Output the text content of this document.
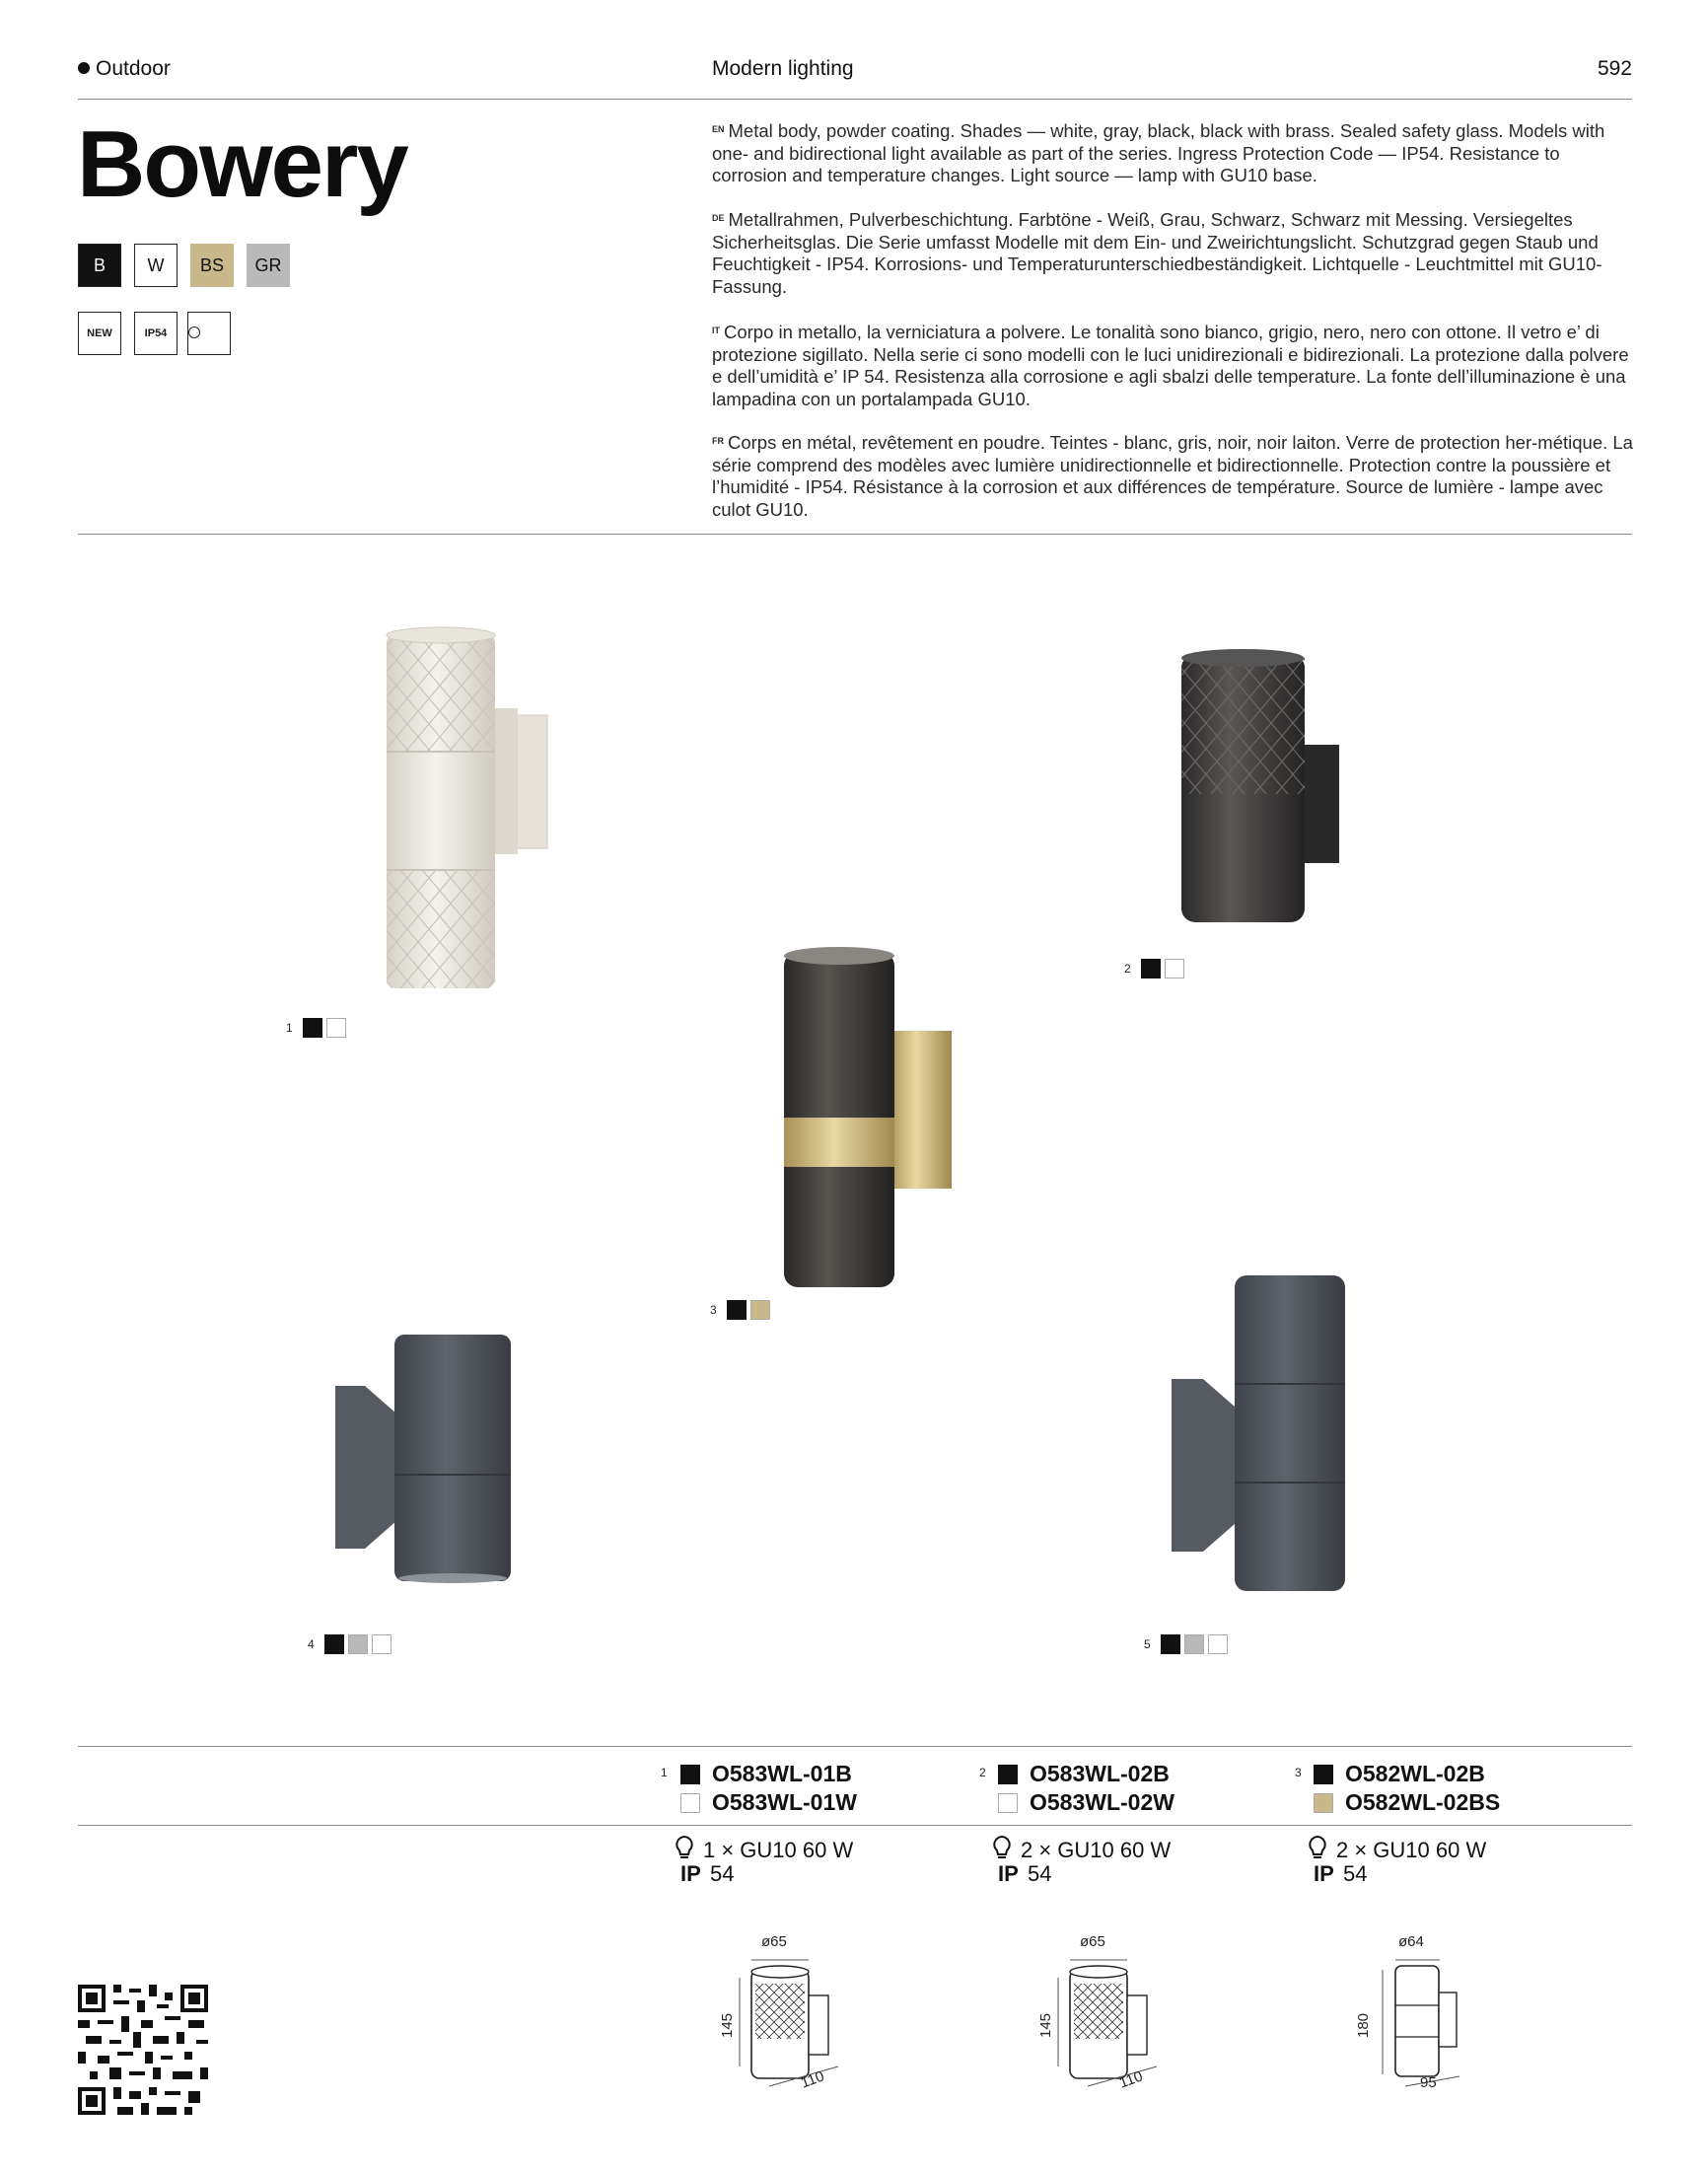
Outdoor	Modern lighting	592
Bowery
B W BS GR
NEW	IP54
$^{EN}$ Metal body, powder coating. Shades — white, gray, black, black with brass. Sealed safety glass. Models with one- and bidirectional light available as part of the series. Ingress Protection Code — IP54. Resistance to corrosion and temperature changes. Light source — lamp with GU10 base.
$^{DE}$ Metallrahmen, Pulverbeschichtung. Farbtöne - Weiß, Grau, Schwarz, Schwarz mit Messing. Versiegeltes Sicherheitsglas. Die Serie umfasst Modelle mit dem Ein- und Zweirichtungslicht. Schutzgrad gegen Staub und Feuchtigkeit - IP54. Korrosions- und Temperaturunterschiedbeständigkeit. Lichtquelle - Leuchtmittel mit GU10-Fassung.
$^{IT}$ Corpo in metallo, la verniciatura a polvere. Le tonalità sono bianco, grigio, nero, nero con ottone. Il vetro e’ di protezione sigillato. Nella serie ci sono modelli con le luci unidirezionali e bidirezionali. La protezione dalla polvere e dell’umidità e’ IP 54. Resistenza alla corrosione e agli sbalzi delle temperature. La fonte dell’illuminazione è una lampadina con un portalampada GU10.
$^{FR}$ Corps en métal, revêtement en poudre. Teintes - blanc, gris, noir, noir laiton. Verre de protection her-métique. La série comprend des modèles avec lumière unidirectionnelle et bidirectionnelle. Protection contre la poussière et l’humidité - IP54. Résistance à la corrosion et aux différences de température. Source de lumière - lampe avec culot GU10.
1
2
3
4	5
1 O583WL-01B
O583WL-01W
1 × GU10 60 W
IP 54
2 O583WL-02B
O583WL-02W
2 × GU10 60 W
IP 54
3 O582WL-02B
O582WL-02BS
2 × GU10 60 W
IP 54
ø65
145
110
ø65
145
110
ø64
180
95
